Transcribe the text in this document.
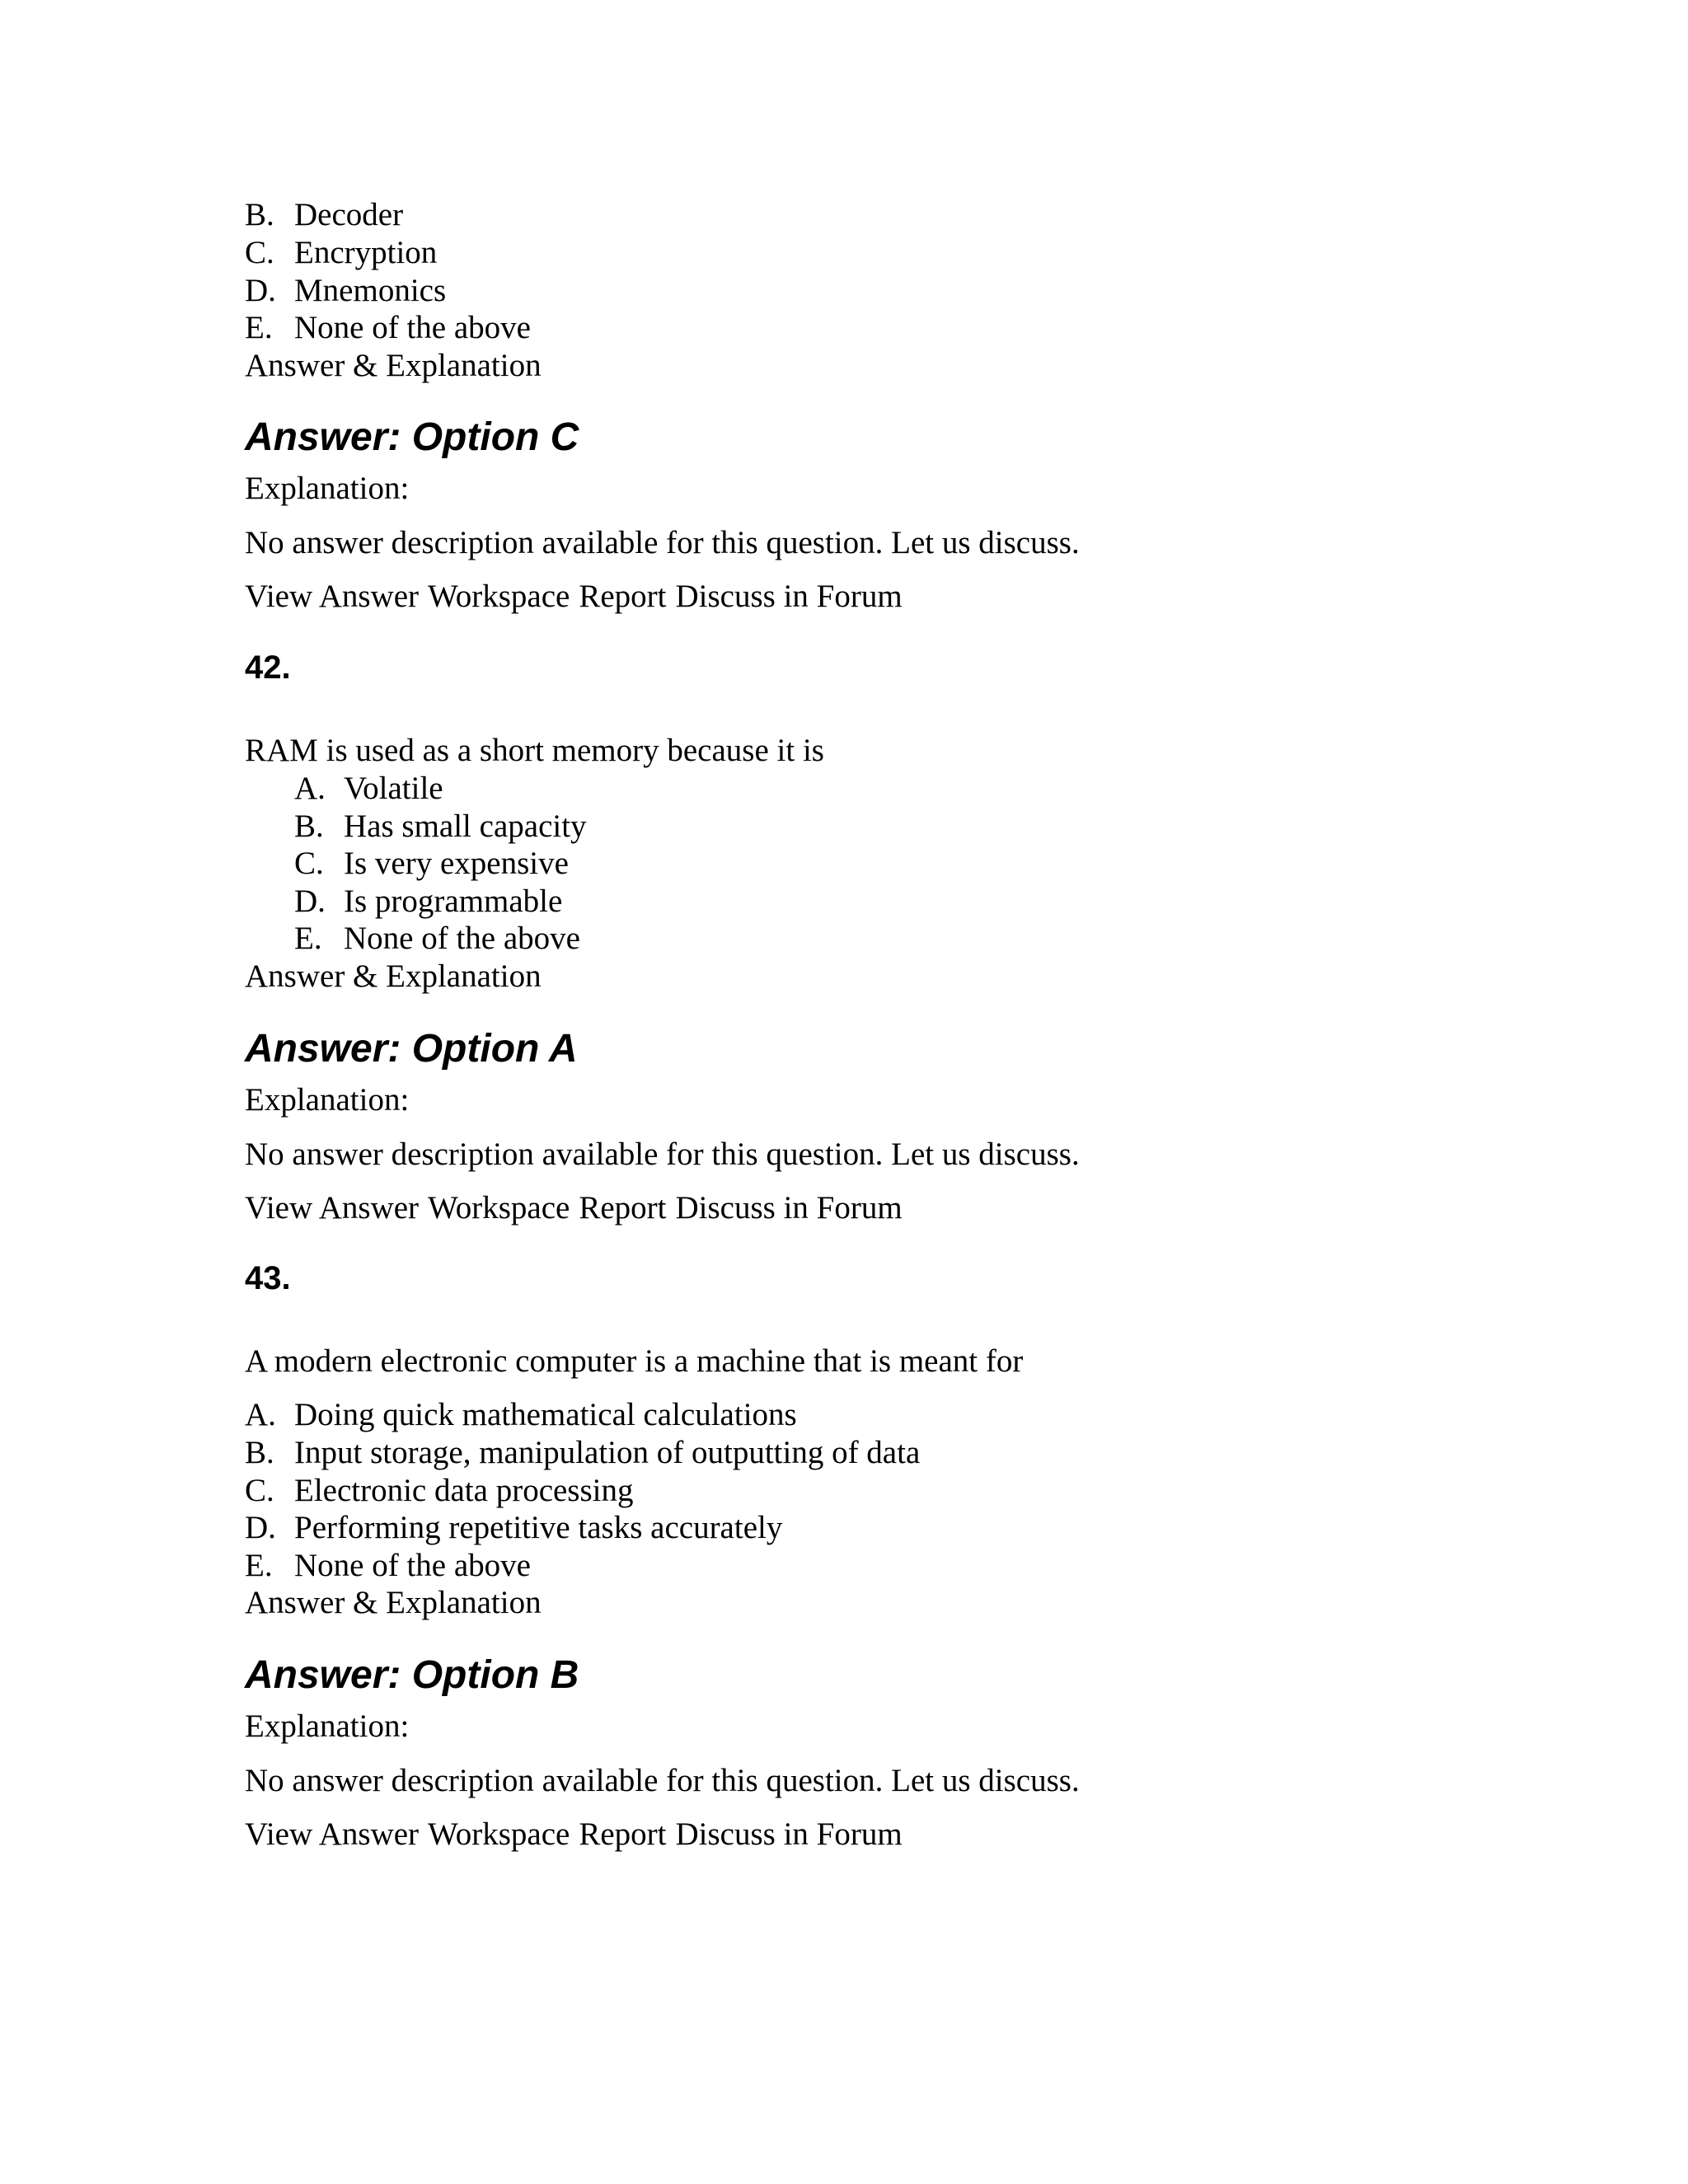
B. Decoder
C. Encryption
D. Mnemonics
E. None of the above
Answer & Explanation
Answer: Option C
Explanation:
No answer description available for this question. Let us discuss.
View Answer Workspace Report Discuss in Forum
42.
RAM is used as a short memory because it is
A. Volatile
B. Has small capacity
C. Is very expensive
D. Is programmable
E. None of the above
Answer & Explanation
Answer: Option A
Explanation:
No answer description available for this question. Let us discuss.
View Answer Workspace Report Discuss in Forum
43.
A modern electronic computer is a machine that is meant for
A. Doing quick mathematical calculations
B. Input storage, manipulation of outputting of data
C. Electronic data processing
D. Performing repetitive tasks accurately
E. None of the above
Answer & Explanation
Answer: Option B
Explanation:
No answer description available for this question. Let us discuss.
View Answer Workspace Report Discuss in Forum
